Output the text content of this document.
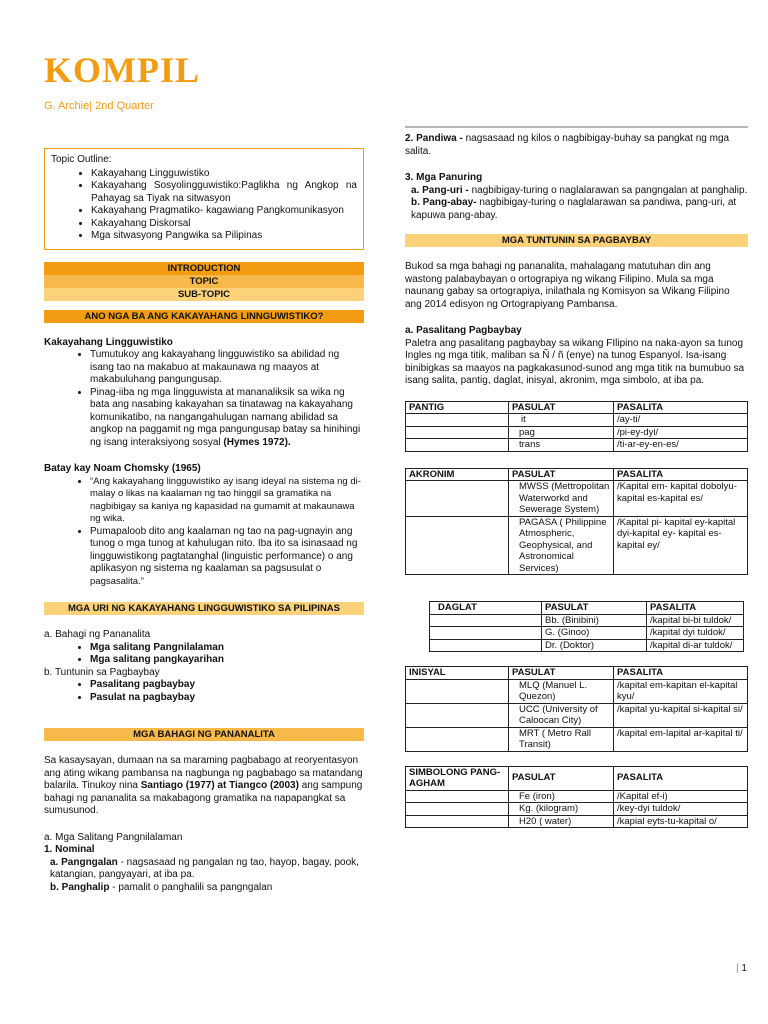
KOMPIL
G. Archie| 2nd Quarter
Topic Outline:
• Kakayahang Lingguwistiko
• Kakayahang Sosyolingguwistiko:Paglikha ng Angkop na Pahayag sa Tiyak na sitwasyon
• Kakayahang Pragmatiko- kagawiang Pangkomunikasyon
• Kakayahang Diskorsal
• Mga sitwasyong Pangwika sa Pilipinas
INTRODUCTION
TOPIC
SUB-TOPIC
ANO NGA BA ANG KAKAYAHANG LINNGUWISTIKO?

Kakayahang Lingguwistiko

• Tumutukoy ang kakayahang lingguwistiko sa abilidad ng isang tao na makabuo at makaunawa ng maayos at makabuluhang pangungusap.
• Pinag-iiba ng mga lingguwista at mananaliksik sa wika ng bata ang nasabing kakayahan sa tinatawag na kakayahang komunikatibo, na nangangahulugan namang abilidad sa angkop na paggamit ng mga pangungusap batay sa hinihingi ng isang interaksiyong sosyal (Hymes 1972).

Batay kay Noam Chomsky (1965)

• “Ang kakayahang lingguwistiko ay isang ideyal na sistema ng di-malay o likas na kaalaman ng tao hinggil sa gramatika na nagbibigay sa kaniya ng kapasidad na gumamit at makaunawa ng wika.
• Pumapaloob dito ang kaalaman ng tao na pag-ugnayin ang tunog o mga tunog at kahulugan nito. Iba ito sa isinasaad ng lingguwistikong pagtatanghal (linguistic performance) o ang aplikasyon ng sistema ng kaalaman sa pagsusulat o pagsasalita.”
MGA URI NG KAKAYAHANG LINGGUWISTIKO SA PILIPINAS

a. Bahagi ng Pananalita

• Mga salitang Pangnilalaman
• Mga salitang pangkayarihan

b. Tuntunin sa Pagbaybay

• Pasalitang pagbaybay
• Pasulat na pagbaybay
MGA BAHAGI NG PANANALITA

Sa kasaysayan, dumaan na sa maraming pagbabago at reoryentasyon ang ating wikang pambansa na nagbunga ng pagbabago sa matandang balarila. Tinukoy nina Santiago (1977) at Tiangco (2003) ang sampung bahagi ng pananalita sa makabagong gramatika na napapangkat sa sumusunod.

a. Mga Salitang Pangnilalaman

1. Nominal

a. Pangngalan - nagsasaad ng pangalan ng tao, hayop, bagay, pook, katangian, pangyayari, at iba pa.

b. Panghalip - pamalit o panghalili sa pangngalan

2. Pandiwa - nagsasaad ng kilos o nagbibigay-buhay sa pangkat ng mga salita.

3. Mga Panuring

a. Pang-uri - nagbibigay-turing o naglalarawan sa pangngalan at panghalip.

b. Pang-abay- nagbibigay-turing o naglalarawan sa pandiwa, pang-uri, at kapuwa pang-abay.

MGA TUNTUNIN SA PAGBAYBAY

Bukod sa mga bahagi ng pananalita, mahalagang matutuhan din ang wastong palabaybayan o ortograpiya ng wikang Filipino. Mula sa mga naunang gabay sa ortograpiya, inilathala ng Komisyon sa Wikang Filipino ang 2014 edisyon ng Ortograpiyang Pambansa.

a. Pasalitang Pagbaybay

Paletra ang pasalitang pagbaybay sa wikang FIlipino na naka-ayon sa tunog Ingles ng mga titik, maliban sa Ñ / ñ (enye) na tunog Espanyol. Isa-isang binibigkas sa maayos na pagkakasunod-sunod ang mga titik na bumubuo sa isang salita, pantig, daglat, inisyal, akronim, mga simbolo, at iba pa.

PANTIG	PASULAT	PASALITA
	it	/ay-ti/
	pag	/pi-ey-dyi/
	trans	/ti-ar-ey-en-es/
AKRONIM	PASULAT	PASALITA
	MWSS (Mettropolitan Waterworkd and Sewerage System)	/Kapital em- kapital dobolyu-kapital es-kapital es/
	PAGASA ( Philippine Atmospheric, Geophysical, and Astronomical Services)	/Kapital pi- kapital ey-kapital dyi-kapital ey- kapital es- kapital ey/
DAGLAT	PASULAT	PASALITA
	Bb. (Binibini)	/kapital bi-bi tuldok/
	G. (Ginoo)	/kapital dyi tuldok/
	Dr. (Doktor)	/kapital di-ar tuldok/
INISYAL	PASULAT	PASALITA
	MLQ (Manuel L. Quezon)	/kapital em-kapitan el-kapital kyu/
	UCC (University of Caloocan City)	/kapital yu-kapital si-kapital si/
	MRT ( Metro Rall Transit)	/kapital em-lapital ar-kapital ti/
SIMBOLONG PANG-AGHAM	PASULAT	PASALITA
	Fe (iron)	/Kapital ef-i)
	Kg. (kilogram)	/key-dyi tuldok/
	H20 ( water)	/kapial eyts-tu-kapital o/
| 1
